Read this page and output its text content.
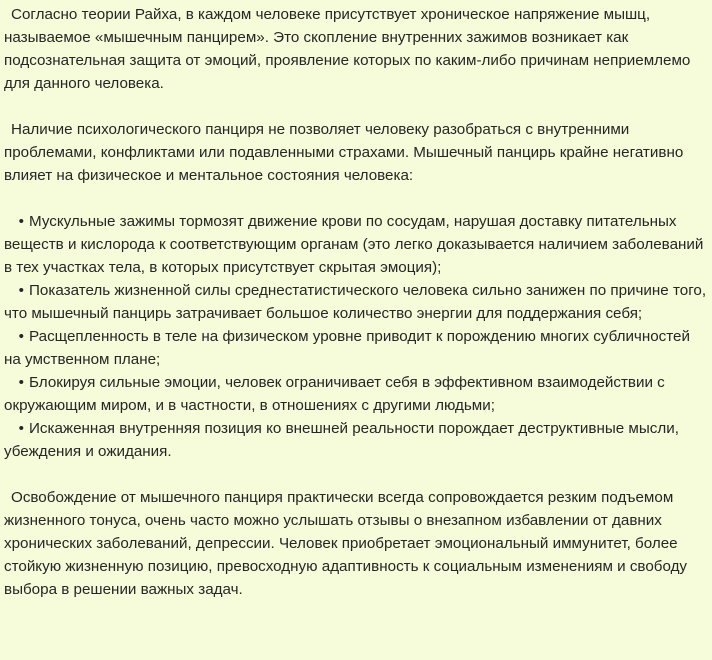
Согласно теории Райха, в каждом человеке присутствует хроническое напряжение мышц, называемое «мышечным панцирем». Это скопление внутренних зажимов возникает как подсознательная защита от эмоций, проявление которых по каким-либо причинам неприемлемо для данного человека.

Наличие психологического панциря не позволяет человеку разобраться с внутренними проблемами, конфликтами или подавленными страхами. Мышечный панцирь крайне негативно влияет на физическое и ментальное состояния человека:

• Мускульные зажимы тормозят движение крови по сосудам, нарушая доставку питательных веществ и кислорода к соответствующим органам (это легко доказывается наличием заболеваний в тех участках тела, в которых присутствует скрытая эмоция);

• Показатель жизненной силы среднестатистического человека сильно занижен по причине того, что мышечный панцирь затрачивает большое количество энергии для поддержания себя;

• Расщепленность в теле на физическом уровне приводит к порождению многих субличностей на умственном плане;

• Блокируя сильные эмоции, человек ограничивает себя в эффективном взаимодействии с окружающим миром, и в частности, в отношениях с другими людьми;

• Искаженная внутренняя позиция ко внешней реальности порождает деструктивные мысли, убеждения и ожидания.

Освобождение от мышечного панциря практически всегда сопровождается резким подъемом жизненного тонуса, очень часто можно услышать отзывы о внезапном избавлении от давних хронических заболеваний, депрессии. Человек приобретает эмоциональный иммунитет, более стойкую жизненную позицию, превосходную адаптивность к социальным изменениям и свободу выбора в решении важных задач.
